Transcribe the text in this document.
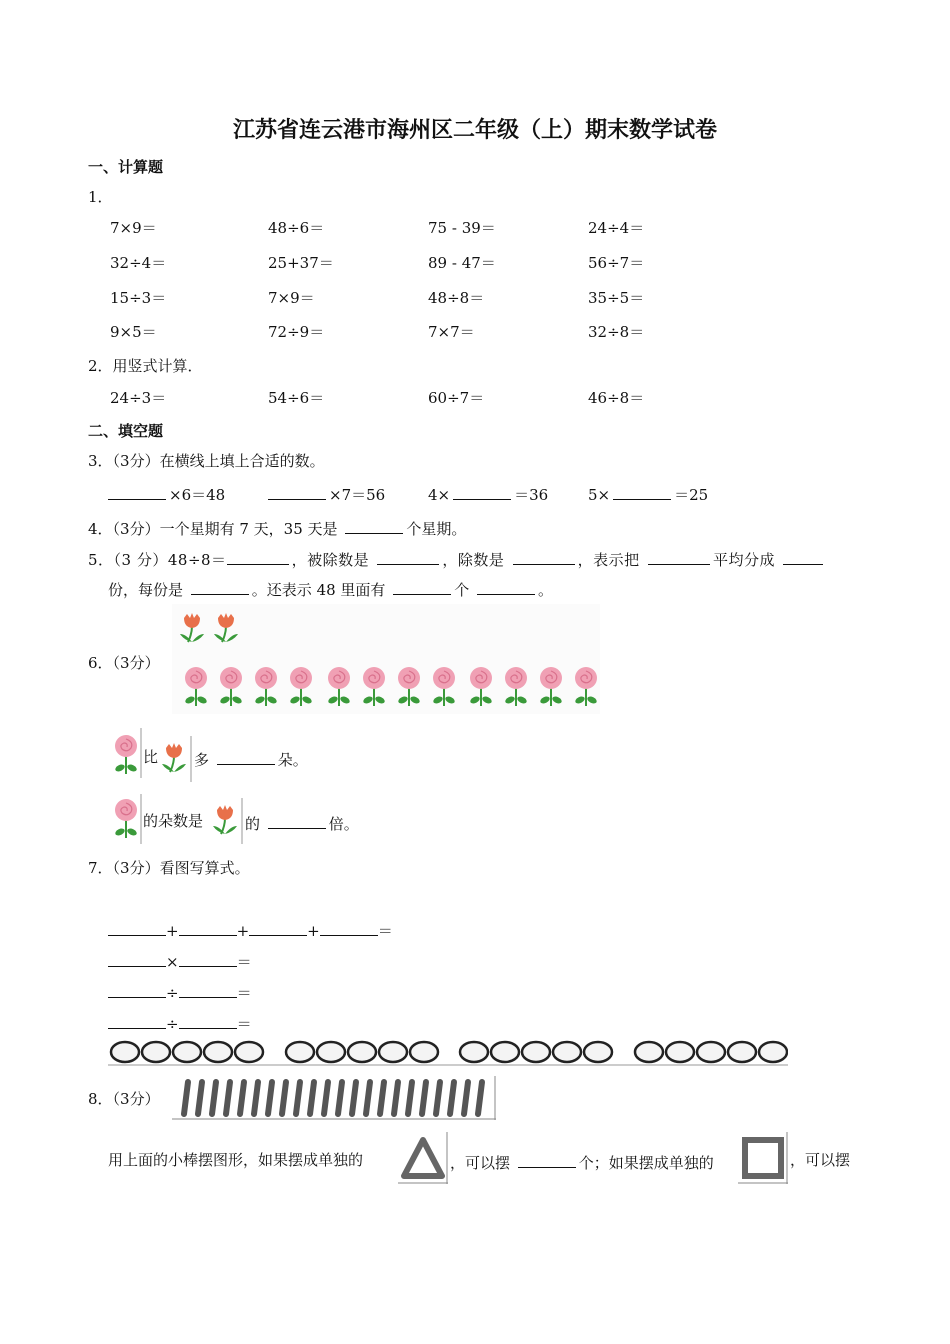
江苏省连云港市海州区二年级（上）期末数学试卷
一、计算题
1．
7×9＝	48÷6＝	75 - 39＝	24÷4＝
32÷4＝	25+37＝	89 - 47＝	56÷7＝
15÷3＝	7×9＝	48÷8＝	35÷5＝
9×5＝	72÷9＝	7×7＝	32÷8＝
2．用竖式计算．
24÷3＝	54÷6＝	60÷7＝	46÷8＝
二、填空题
3．（3分）在横线上填上合适的数。
×6＝48	×7＝56	4×	＝36	5×	＝25
4．（3分）一个星期有 7 天，35 天是	个星期。
5．（3 分）48÷8＝	，被除数是	，除数是	，表示把	平均分成
份，每份是	。还表示 48 里面有	个	。
6．（3分）
比 多	朵。
的朵数是	的	倍。
7．（3分）看图写算式。
+	+	+	＝
×	＝
÷	＝
÷	＝
8．（3分）
用上面的小棒摆图形，如果摆成单独的	，可以摆	个；如果摆成单独的	，可以摆
